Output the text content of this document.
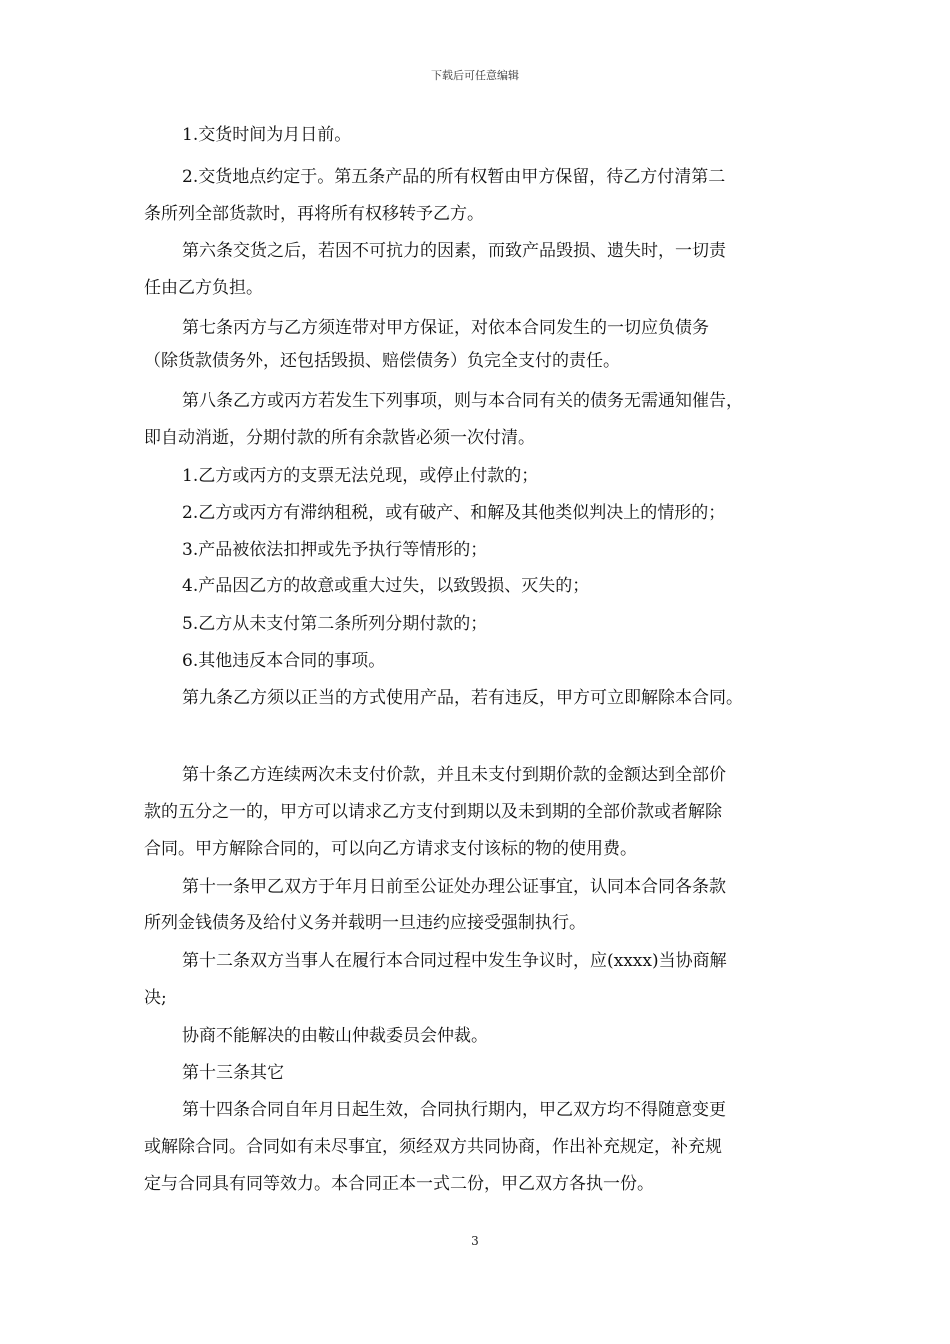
下载后可任意编辑
1.交货时间为月日前。
2.交货地点约定于。第五条产品的所有权暂由甲方保留，待乙方付清第二
条所列全部货款时，再将所有权移转予乙方。
第六条交货之后，若因不可抗力的因素，而致产品毁损、遗失时，一切责
任由乙方负担。
第七条丙方与乙方须连带对甲方保证，对依本合同发生的一切应负债务
（除货款债务外，还包括毁损、赔偿债务）负完全支付的责任。
第八条乙方或丙方若发生下列事项，则与本合同有关的债务无需通知催告，
即自动消逝，分期付款的所有余款皆必须一次付清。
1.乙方或丙方的支票无法兑现，或停止付款的；
2.乙方或丙方有滞纳租税，或有破产、和解及其他类似判决上的情形的；
3.产品被依法扣押或先予执行等情形的；
4.产品因乙方的故意或重大过失，以致毁损、灭失的；
5.乙方从未支付第二条所列分期付款的；
6.其他违反本合同的事项。
第九条乙方须以正当的方式使用产品，若有违反，甲方可立即解除本合同。
第十条乙方连续两次未支付价款，并且未支付到期价款的金额达到全部价
款的五分之一的，甲方可以请求乙方支付到期以及未到期的全部价款或者解除
合同。甲方解除合同的，可以向乙方请求支付该标的物的使用费。
第十一条甲乙双方于年月日前至公证处办理公证事宜，认同本合同各条款
所列金钱债务及给付义务并载明一旦违约应接受强制执行。
第十二条双方当事人在履行本合同过程中发生争议时，应(xxxx)当协商解
决;
协商不能解决的由鞍山仲裁委员会仲裁。
第十三条其它
第十四条合同自年月日起生效，合同执行期内，甲乙双方均不得随意变更
或解除合同。合同如有未尽事宜，须经双方共同协商，作出补充规定，补充规
定与合同具有同等效力。本合同正本一式二份，甲乙双方各执一份。
3
